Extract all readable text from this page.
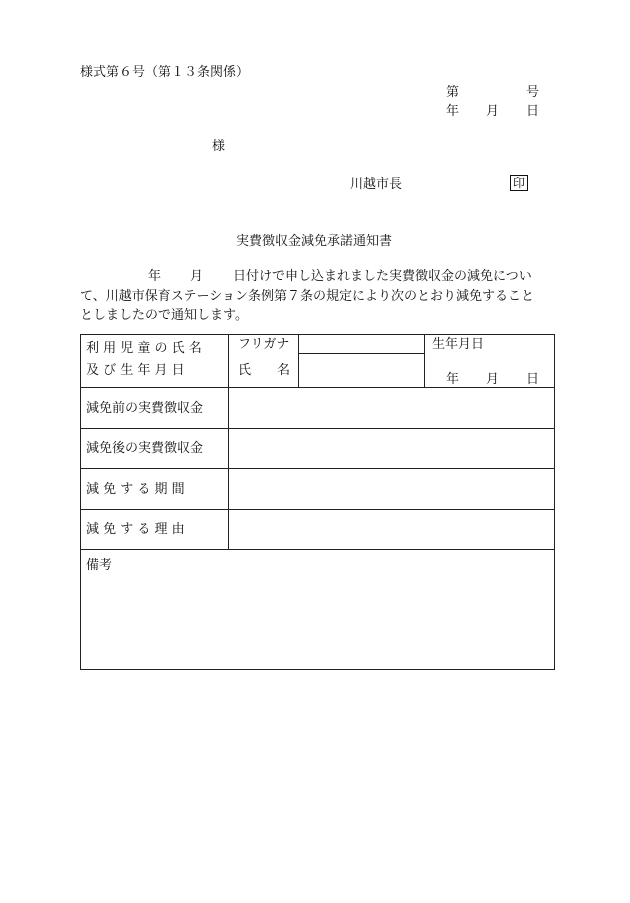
様式第６号（第１３条関係）
第	号
年 月 日
様
川越市長	印
実費徴収金減免承諾通知書
年 月 日付けで申し込まれました実費徴収金の減免につい
て、川越市保育ステーション条例第７条の規定により次のとおり減免すること
としましたので通知します。
利 用 児 童 の 氏 名
及 び 生 年 月 日
フリガナ
氏　　名
生年月日
年 月 日
減免前の実費徴収金
減免後の実費徴収金
減 免 す る 期 間
減 免 す る 理 由
備考
